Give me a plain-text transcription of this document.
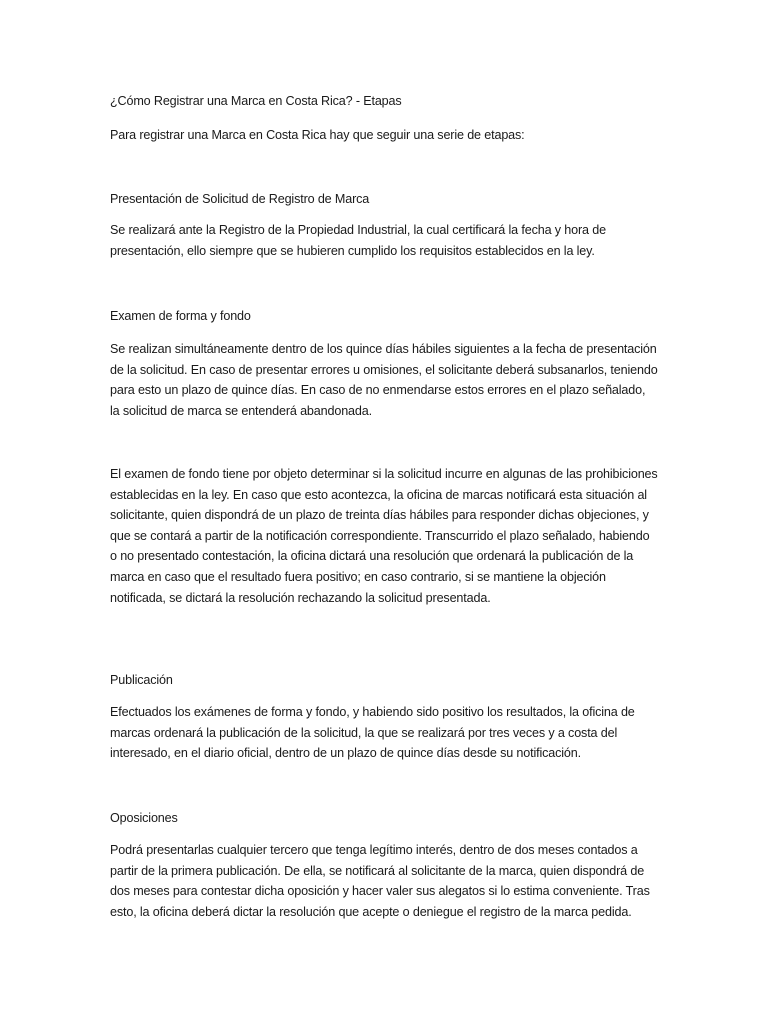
¿Cómo Registrar una Marca en Costa Rica? - Etapas
Para registrar una Marca en Costa Rica hay que seguir una serie de etapas:
Presentación de Solicitud de Registro de Marca

Se realizará ante la Registro de la Propiedad Industrial, la cual certificará la fecha y hora de presentación, ello siempre que se hubieren cumplido los requisitos establecidos en la ley.

Examen de forma y fondo

Se realizan simultáneamente dentro de los quince días hábiles siguientes a la fecha de presentación de la solicitud. En caso de presentar errores u omisiones, el solicitante deberá subsanarlos, teniendo para esto un plazo de quince días. En caso de no enmendarse estos errores en el plazo señalado, la solicitud de marca se entenderá abandonada.

El examen de fondo tiene por objeto determinar si la solicitud incurre en algunas de las prohibiciones establecidas en la ley. En caso que esto acontezca, la oficina de marcas notificará esta situación al solicitante, quien dispondrá de un plazo de treinta días hábiles para responder dichas objeciones, y que se contará a partir de la notificación correspondiente. Transcurrido el plazo señalado, habiendo o no presentado contestación, la oficina dictará una resolución que ordenará la publicación de la marca en caso que el resultado fuera positivo; en caso contrario, si se mantiene la objeción notificada, se dictará la resolución rechazando la solicitud presentada.

Publicación

Efectuados los exámenes de forma y fondo, y habiendo sido positivo los resultados, la oficina de marcas ordenará la publicación de la solicitud, la que se realizará por tres veces y a costa del interesado, en el diario oficial, dentro de un plazo de quince días desde su notificación.

Oposiciones

Podrá presentarlas cualquier tercero que tenga legítimo interés, dentro de dos meses contados a partir de la primera publicación. De ella, se notificará al solicitante de la marca, quien dispondrá de dos meses para contestar dicha oposición y hacer valer sus alegatos si lo estima conveniente. Tras esto, la oficina deberá dictar la resolución que acepte o deniegue el registro de la marca pedida.
